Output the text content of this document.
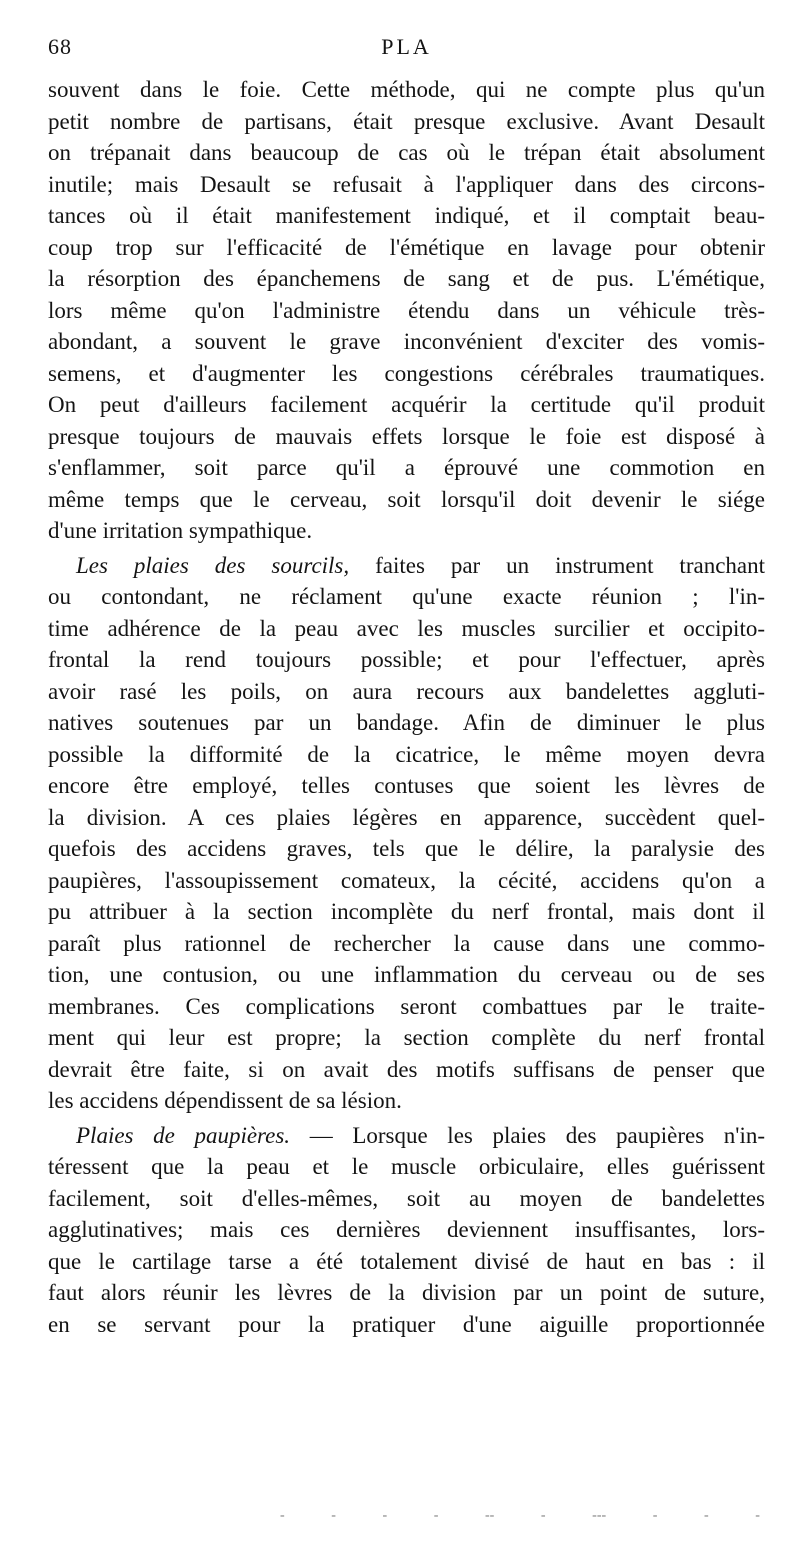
68	PLA
souvent dans le foie. Cette méthode, qui ne compte plus qu'un
petit nombre de partisans, était presque exclusive. Avant Desault
on trépanait dans beaucoup de cas où le trépan était absolument
inutile; mais Desault se refusait à l'appliquer dans des circons-
tances où il était manifestement indiqué, et il comptait beau-
coup trop sur l'efficacité de l'émétique en lavage pour obtenir
la résorption des épanchemens de sang et de pus. L'émétique,
lors même qu'on l'administre étendu dans un véhicule très-
abondant, a souvent le grave inconvénient d'exciter des vomis-
semens, et d'augmenter les congestions cérébrales traumatiques.
On peut d'ailleurs facilement acquérir la certitude qu'il produit
presque toujours de mauvais effets lorsque le foie est disposé à
s'enflammer, soit parce qu'il a éprouvé une commotion en
même temps que le cerveau, soit lorsqu'il doit devenir le siége
d'une irritation sympathique.
Les plaies des sourcils, faites par un instrument tranchant
ou contondant, ne réclament qu'une exacte réunion ; l'in-
time adhérence de la peau avec les muscles surcilier et occipito-
frontal la rend toujours possible; et pour l'effectuer, après
avoir rasé les poils, on aura recours aux bandelettes aggluti-
natives soutenues par un bandage. Afin de diminuer le plus
possible la difformité de la cicatrice, le même moyen devra
encore être employé, telles contuses que soient les lèvres de
la division. A ces plaies légères en apparence, succèdent quel-
quefois des accidens graves, tels que le délire, la paralysie des
paupières, l'assoupissement comateux, la cécité, accidens qu'on a
pu attribuer à la section incomplète du nerf frontal, mais dont il
paraît plus rationnel de rechercher la cause dans une commo-
tion, une contusion, ou une inflammation du cerveau ou de ses
membranes. Ces complications seront combattues par le traite-
ment qui leur est propre; la section complète du nerf frontal
devrait être faite, si on avait des motifs suffisans de penser que
les accidens dépendissent de sa lésion.
Plaies de paupières. — Lorsque les plaies des paupières n'in-
téressent que la peau et le muscle orbiculaire, elles guérissent
facilement, soit d'elles-mêmes, soit au moyen de bandelettes
agglutinatives; mais ces dernières deviennent insuffisantes, lors-
que le cartilage tarse a été totalement divisé de haut en bas : il
faut alors réunir les lèvres de la division par un point de suture,
en se servant pour la pratiquer d'une aiguille proportionnée
-	-	-	-	--	-	---	-	-	-
